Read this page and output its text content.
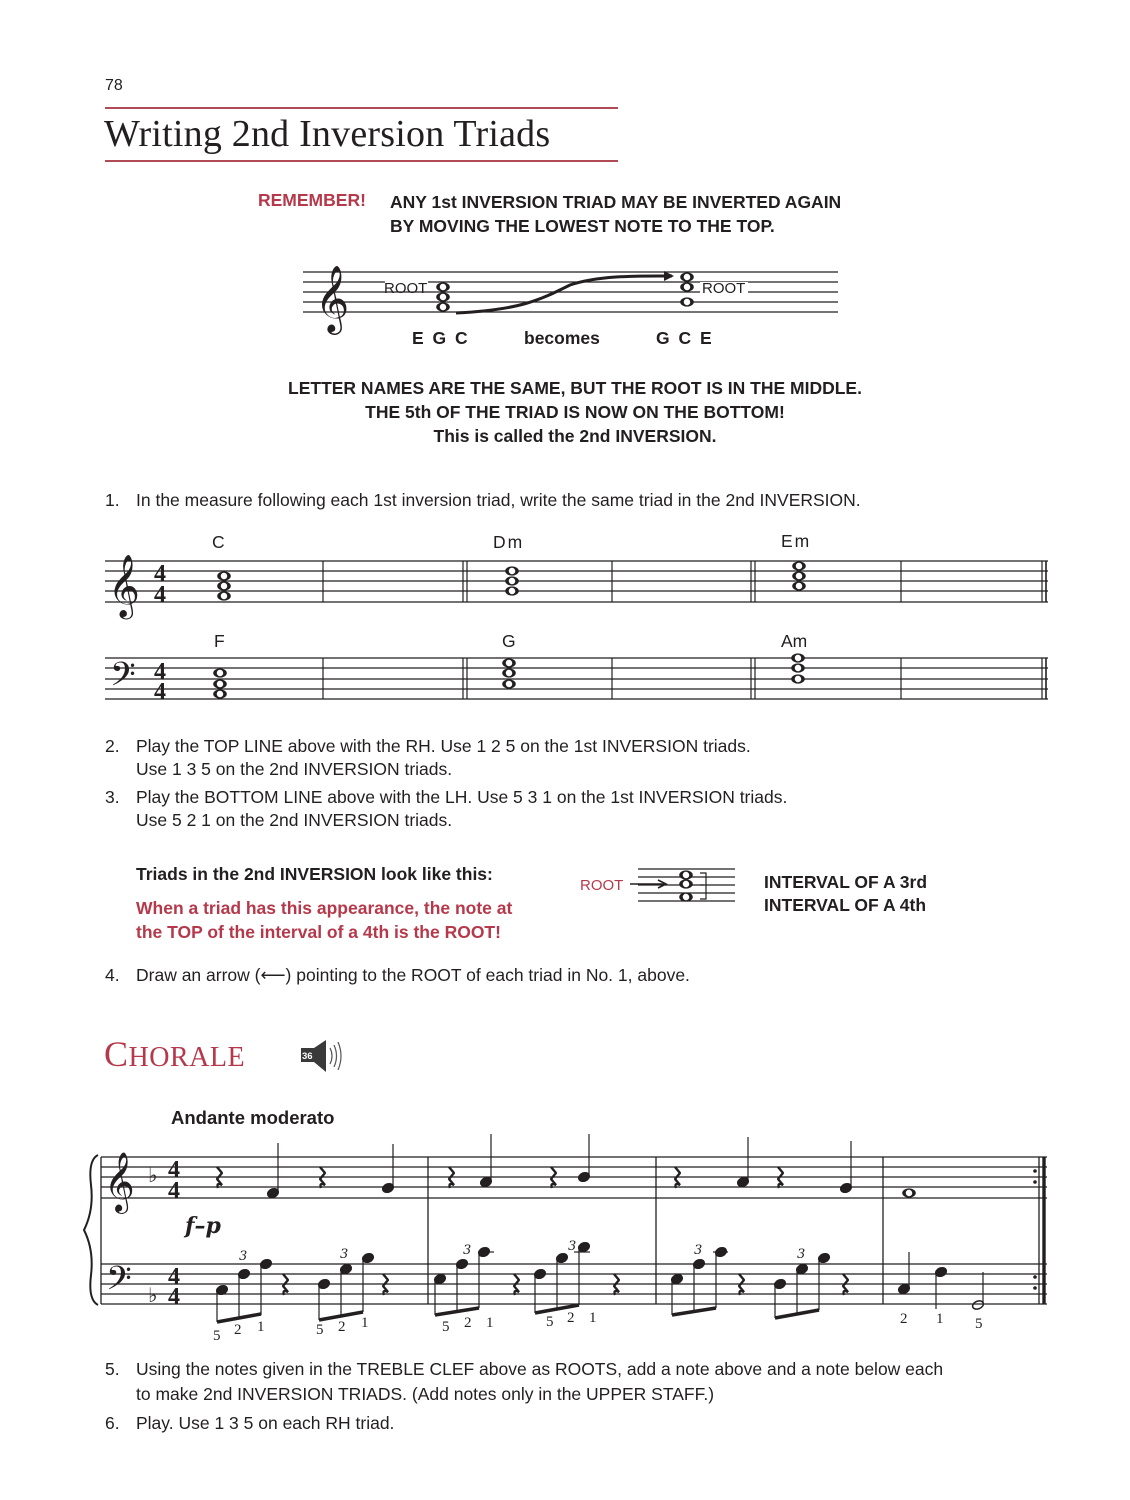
78
Writing 2nd Inversion Triads
REMEMBER! ANY 1st INVERSION TRIAD MAY BE INVERTED AGAIN
BY MOVING THE LOWEST NOTE TO THE TOP.
𝄞
𝄞 4
4
𝄢 4
4
36
𝄞
𝄢
♭
♭
4
4
4
4
3	3	3	3	3	3
5 2 1	5 2 1	5 2 1	5 2 1	2 1 5
f–p
ROOT	ROOT
E G C	becomes	G C E
LETTER NAMES ARE THE SAME, BUT THE ROOT IS IN THE MIDDLE.
THE 5th OF THE TRIAD IS NOW ON THE BOTTOM!
This is called the 2nd INVERSION.
1. In the measure following each 1st inversion triad, write the same triad in the 2nd INVERSION.
C	Dm	Em
F	G	Am
2. Play the TOP LINE above with the RH. Use 1 2 5 on the 1st INVERSION triads.
Use 1 3 5 on the 2nd INVERSION triads.
3. Play the BOTTOM LINE above with the LH. Use 5 3 1 on the 1st INVERSION triads.
Use 5 2 1 on the 2nd INVERSION triads.
Triads in the 2nd INVERSION look like this:
When a triad has this appearance, the note at
the TOP of the interval of a 4th is the ROOT!
ROOT	INTERVAL OF A 3rd
INTERVAL OF A 4th
4. Draw an arrow (⟵) pointing to the ROOT of each triad in No. 1, above.
CHORALE
Andante moderato
5. Using the notes given in the TREBLE CLEF above as ROOTS, add a note above and a note below each
to make 2nd INVERSION TRIADS. (Add notes only in the UPPER STAFF.)
6. Play. Use 1 3 5 on each RH triad.
